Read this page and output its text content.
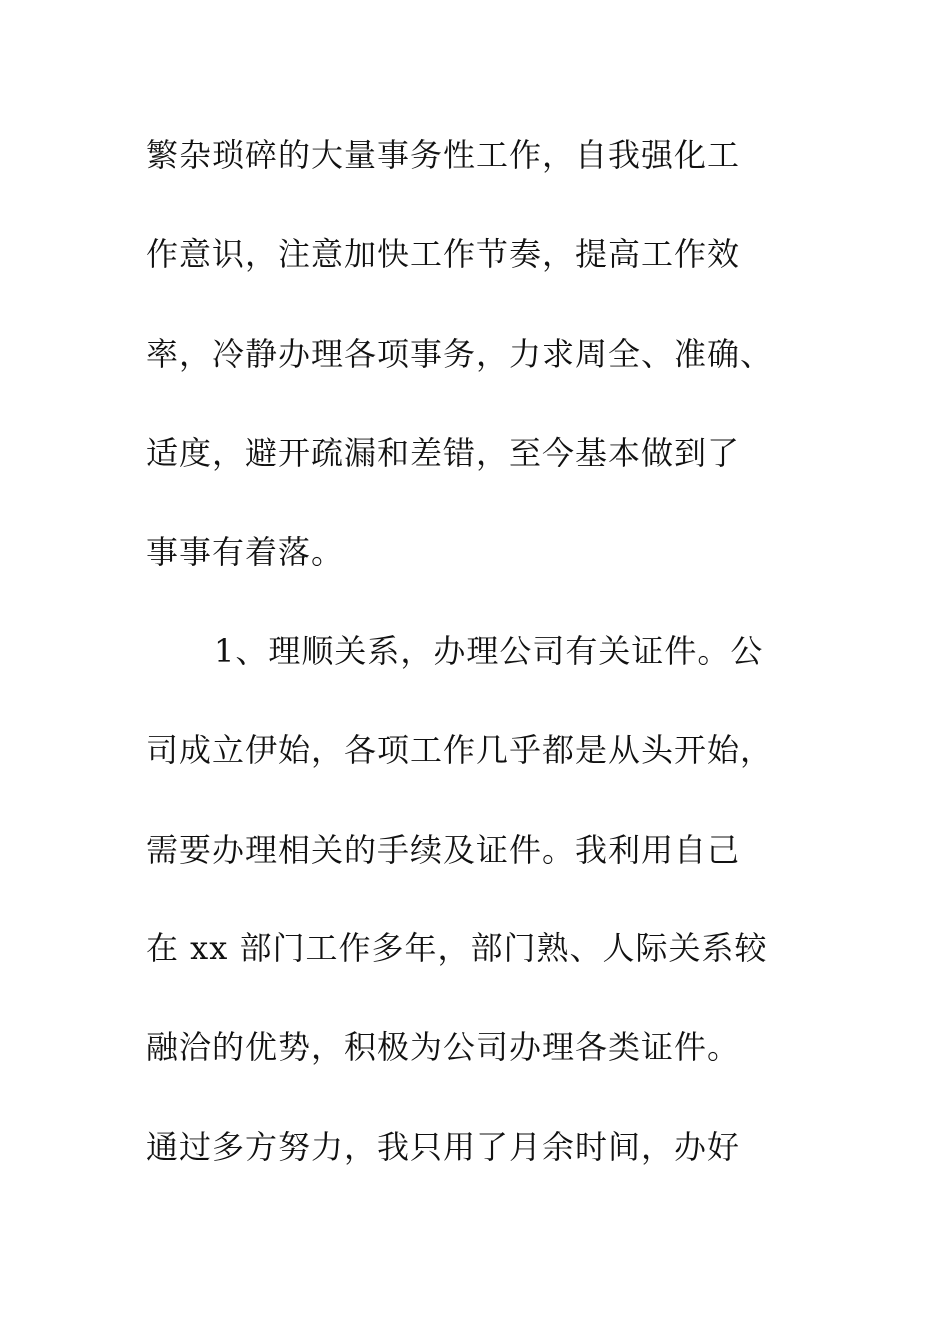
繁杂琐碎的大量事务性工作，自我强化工
作意识，注意加快工作节奏，提高工作效
率，冷静办理各项事务，力求周全、准确、
适度，避开疏漏和差错，至今基本做到了
事事有着落。
1、理顺关系，办理公司有关证件。公
司成立伊始，各项工作几乎都是从头开始，
需要办理相关的手续及证件。我利用自己
在 xx 部门工作多年，部门熟、人际关系较
融洽的优势，积极为公司办理各类证件。
通过多方努力，我只用了月余时间，办好
